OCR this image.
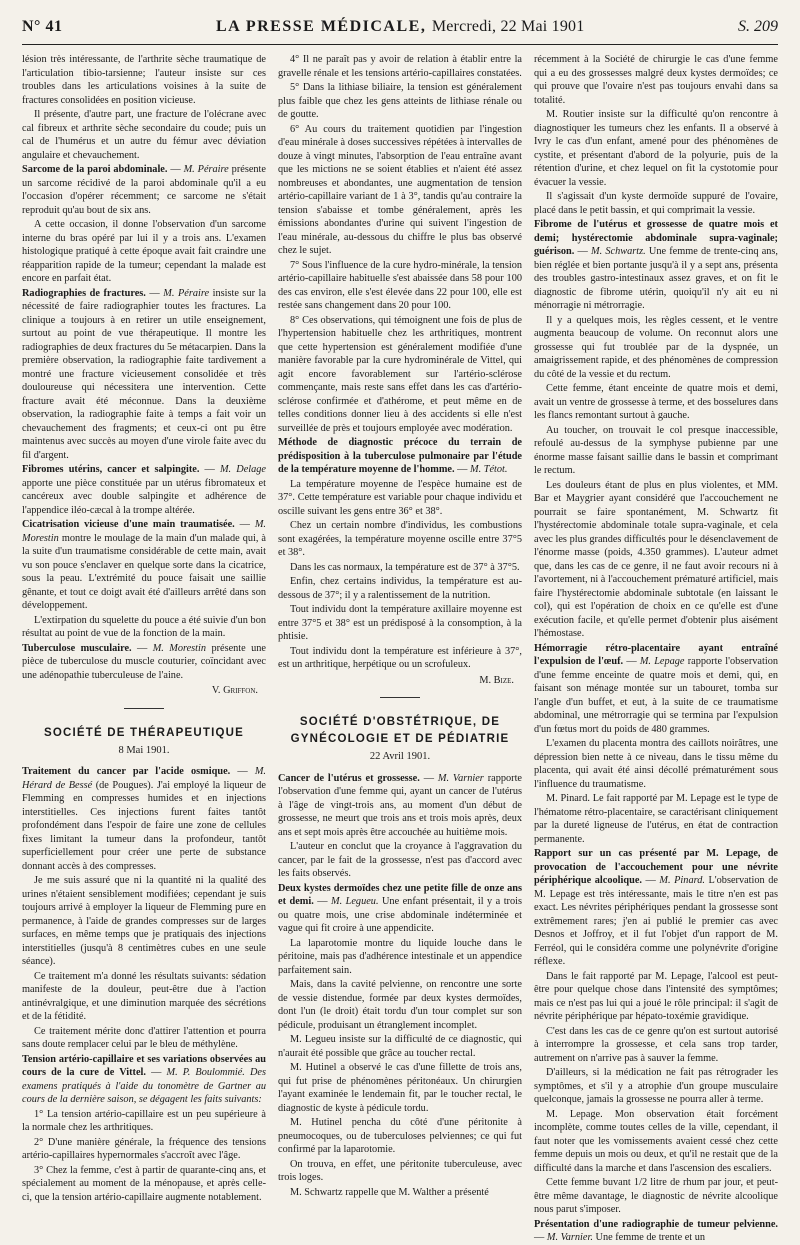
N° 41	LA PRESSE MÉDICALE, Mercredi, 22 Mai 1901	S. 209

lésion très intéressante, de l'arthrite sèche traumatique de l'articulation tibio-tarsienne; l'auteur insiste sur ces troubles dans les articulations voisines à la suite de fractures consolidées en position vicieuse.

Il présente, d'autre part, une fracture de l'olécrane avec cal fibreux et arthrite sèche secondaire du coude; puis un cal de l'humérus et un autre du fémur avec déviation angulaire et chevauchement.

Sarcome de la paroi abdominale. — M. Péraire présente un sarcome récidivé de la paroi abdominale qu'il a eu l'occasion d'opérer récemment; ce sarcome ne s'était reproduit qu'au bout de six ans.

A cette occasion, il donne l'observation d'un sarcome interne du bras opéré par lui il y a trois ans. L'examen histologique pratiqué à cette époque avait fait craindre une réapparition rapide de la tumeur; cependant la malade est encore en parfait état.

Radiographies de fractures. — M. Péraire insiste sur la nécessité de faire radiographier toutes les fractures. La clinique a toujours à en retirer un utile enseignement, surtout au point de vue thérapeutique. Il montre les radiographies de deux fractures du 5e métacarpien. Dans la première observation, la radiographie faite tardivement a montré une fracture vicieusement consolidée et très douloureuse qui nécessitera une intervention. Cette fracture avait été méconnue. Dans la deuxième observation, la radiographie faite à temps a fait voir un chevauchement des fragments; et ceux-ci ont pu être maintenus avec succès au moyen d'une virole faite avec du fil d'argent.

Fibromes utérins, cancer et salpingite. — M. Delage apporte une pièce constituée par un utérus fibromateux et cancéreux avec double salpingite et adhérence de l'appendice iléo-cæcal à la trompe altérée.

Cicatrisation vicieuse d'une main traumatisée. — M. Morestin montre le moulage de la main d'un malade qui, à la suite d'un traumatisme considérable de cette main, avait vu son pouce s'enclaver en quelque sorte dans la cicatrice, sous la peau. L'extrémité du pouce faisait une saillie gênante, et tout ce doigt avait été d'ailleurs arrêté dans son développement.

L'extirpation du squelette du pouce a été suivie d'un bon résultat au point de vue de la fonction de la main.

Tuberculose musculaire. — M. Morestin présente une pièce de tuberculose du muscle couturier, coïncidant avec une adénopathie tuberculeuse de l'aine.

V. Griffon.
SOCIÉTÉ DE THÉRAPEUTIQUE
8 Mai 1901.

Traitement du cancer par l'acide osmique. — M. Hérard de Bessé (de Pougues). J'ai employé la liqueur de Flemming en compresses humides et en injections interstitielles. Ces injections furent faites tantôt profondément dans l'espoir de faire une zone de cellules fixes limitant la tumeur dans la profondeur, tantôt superficiellement pour créer une perte de substance donnant accès à des compresses.

Je me suis assuré que ni la quantité ni la qualité des urines n'étaient sensiblement modifiées; cependant je suis toujours arrivé à employer la liqueur de Flemming pure en permanence, à l'aide de grandes compresses sur de larges surfaces, en même temps que je pratiquais des injections interstitielles (jusqu'à 8 centimètres cubes en une seule séance).

Ce traitement m'a donné les résultats suivants: sédation manifeste de la douleur, peut-être due à l'action antinévralgique, et une diminution marquée des sécrétions et de la fétidité.

Ce traitement mérite donc d'attirer l'attention et pourra sans doute remplacer celui par le bleu de méthylène.

Tension artério-capillaire et ses variations observées au cours de la cure de Vittel. — M. P. Boulommié. Des examens pratiqués à l'aide du tonomètre de Gartner au cours de la dernière saison, se dégagent les faits suivants:

1° La tension artério-capillaire est un peu supérieure à la normale chez les arthritiques.

2° D'une manière générale, la fréquence des tensions artério-capillaires hypernormales s'accroît avec l'âge.

3° Chez la femme, c'est à partir de quarante-cinq ans, et spécialement au moment de la ménopause, et après celle-ci, que la tension artério-capillaire augmente notablement.

4° Il ne paraît pas y avoir de relation à établir entre la gravelle rénale et les tensions artério-capillaires constatées.

5° Dans la lithiase biliaire, la tension est généralement plus faible que chez les gens atteints de lithiase rénale ou de goutte.

6° Au cours du traitement quotidien par l'ingestion d'eau minérale à doses successives répétées à intervalles de douze à vingt minutes, l'absorption de l'eau entraîne avant que les mictions ne se soient établies et n'aient été assez nombreuses et abondantes, une augmentation de tension artério-capillaire variant de 1 à 3°, tandis qu'au contraire la tension s'abaisse et tombe généralement, après les émissions abondantes d'urine qui suivent l'ingestion de l'eau minérale, au-dessous du chiffre le plus bas observé chez le sujet.

7° Sous l'influence de la cure hydro-minérale, la tension artério-capillaire habituelle s'est abaissée dans 58 pour 100 des cas environ, elle s'est élevée dans 22 pour 100, elle est restée sans changement dans 20 pour 100.

8° Ces observations, qui témoignent une fois de plus de l'hypertension habituelle chez les arthritiques, montrent que cette hypertension est généralement modifiée d'une manière favorable par la cure hydrominérale de Vittel, qui agit encore favorablement sur l'artério-sclérose commençante, mais reste sans effet dans les cas d'artério-sclérose confirmée et d'athérome, et peut même en de telles conditions donner lieu à des accidents si elle n'est surveillée de près et toujours employée avec modération.

Méthode de diagnostic précoce du terrain de prédisposition à la tuberculose pulmonaire par l'étude de la température moyenne de l'homme. — M. Tétot.

La température moyenne de l'espèce humaine est de 37°. Cette température est variable pour chaque individu et oscille suivant les gens entre 36° et 38°.

Chez un certain nombre d'individus, les combustions sont exagérées, la température moyenne oscille entre 37°5 et 38°.

Dans les cas normaux, la température est de 37° à 37°5.

Enfin, chez certains individus, la température est au-dessous de 37°; il y a ralentissement de la nutrition.

Tout individu dont la température axillaire moyenne est entre 37°5 et 38° est un prédisposé à la consomption, à la phtisie.

Tout individu dont la température est inférieure à 37°, est un arthritique, herpétique ou un scrofuleux.

M. Bize.
SOCIÉTÉ D'OBSTÉTRIQUE, DE GYNÉCOLOGIE ET DE PÉDIATRIE
22 Avril 1901.

Cancer de l'utérus et grossesse. — M. Varnier rapporte l'observation d'une femme qui, ayant un cancer de l'utérus à l'âge de vingt-trois ans, au moment d'un début de grossesse, ne meurt que trois ans et trois mois après, deux ans et sept mois après être accouchée au huitième mois.

L'auteur en conclut que la croyance à l'aggravation du cancer, par le fait de la grossesse, n'est pas d'accord avec les faits observés.

Deux kystes dermoïdes chez une petite fille de onze ans et demi. — M. Legueu. Une enfant présentait, il y a trois ou quatre mois, une crise abdominale indéterminée et vague qui fit croire à une appendicite.

La laparotomie montre du liquide louche dans le péritoine, mais pas d'adhérence intestinale et un appendice parfaitement sain.

Mais, dans la cavité pelvienne, on rencontre une sorte de vessie distendue, formée par deux kystes dermoïdes, dont l'un (le droit) était tordu d'un tour complet sur son pédicule, produisant un étranglement incomplet.

M. Legueu insiste sur la difficulté de ce diagnostic, qui n'aurait été possible que grâce au toucher rectal.

M. Hutinel a observé le cas d'une fillette de trois ans, qui fut prise de phénomènes péritonéaux. Un chirurgien l'ayant examinée le lendemain fit, par le toucher rectal, le diagnostic de kyste à pédicule tordu.

M. Hutinel pencha du côté d'une péritonite à pneumocoques, ou de tuberculoses pelviennes; ce qui fut confirmé par la laparotomie.

On trouva, en effet, une péritonite tuberculeuse, avec trois loges.

M. Schwartz rappelle que M. Walther a présenté

récemment à la Société de chirurgie le cas d'une femme qui a eu des grossesses malgré deux kystes dermoïdes; ce qui prouve que l'ovaire n'est pas toujours envahi dans sa totalité.

M. Routier insiste sur la difficulté qu'on rencontre à diagnostiquer les tumeurs chez les enfants. Il a observé à Ivry le cas d'un enfant, amené pour des phénomènes de cystite, et présentant d'abord de la polyurie, puis de la rétention d'urine, et chez lequel on fit la cystotomie pour évacuer la vessie.

Il s'agissait d'un kyste dermoïde suppuré de l'ovaire, placé dans le petit bassin, et qui comprimait la vessie.

Fibrome de l'utérus et grossesse de quatre mois et demi; hystérectomie abdominale supra-vaginale; guérison. — M. Schwartz. Une femme de trente-cinq ans, bien réglée et bien portante jusqu'à il y a sept ans, présenta des troubles gastro-intestinaux assez graves, et on fit le diagnostic de fibrome utérin, quoiqu'il n'y ait eu ni ménorragie ni métrorragie.

Il y a quelques mois, les règles cessent, et le ventre augmenta beaucoup de volume. On reconnut alors une grossesse qui fut troublée par de la dyspnée, un amaigrissement rapide, et des phénomènes de compression du côté de la vessie et du rectum.

Cette femme, étant enceinte de quatre mois et demi, avait un ventre de grossesse à terme, et des bosselures dans les flancs remontant surtout à gauche.

Au toucher, on trouvait le col presque inaccessible, refoulé au-dessus de la symphyse pubienne par une énorme masse faisant saillie dans le bassin et comprimant le rectum.

Les douleurs étant de plus en plus violentes, et MM. Bar et Maygrier ayant considéré que l'accouchement ne pourrait se faire spontanément, M. Schwartz fit l'hystérectomie abdominale totale supra-vaginale, et cela avec les plus grandes difficultés pour le désenclavement de l'énorme masse (poids, 4.350 grammes). L'auteur admet que, dans les cas de ce genre, il ne faut avoir recours ni à l'avortement, ni à l'accouchement prématuré artificiel, mais faire l'hystérectomie abdominale subtotale (en laissant le col), qui est l'opération de choix en ce qu'elle est d'une exécution facile, et qu'elle permet d'obtenir plus aisément l'hémostase.

Hémorragie rétro-placentaire ayant entraîné l'expulsion de l'œuf. — M. Lepage rapporte l'observation d'une femme enceinte de quatre mois et demi, qui, en faisant son ménage montée sur un tabouret, tomba sur l'angle d'un buffet, et eut, à la suite de ce traumatisme abdominal, une métrorragie qui se termina par l'expulsion d'un fœtus mort du poids de 480 grammes.

L'examen du placenta montra des caillots noirâtres, une dépression bien nette à ce niveau, dans le tissu même du placenta, qui avait été ainsi décollé prématurément sous l'influence du traumatisme.

M. Pinard. Le fait rapporté par M. Lepage est le type de l'hématome rétro-placentaire, se caractérisant cliniquement par la dureté ligneuse de l'utérus, en état de contraction permanente.

Rapport sur un cas présenté par M. Lepage, de provocation de l'accouchement pour une névrite périphérique alcoolique. — M. Pinard. L'observation de M. Lepage est très intéressante, mais le titre n'en est pas exact. Les névrites périphériques pendant la grossesse sont extrêmement rares; j'en ai publié le premier cas avec Desnos et Joffroy, et il fut l'objet d'un rapport de M. Ferréol, qui le considéra comme une polynévrite d'origine réflexe.

Dans le fait rapporté par M. Lepage, l'alcool est peut-être pour quelque chose dans l'intensité des symptômes; mais ce n'est pas lui qui a joué le rôle principal: il s'agit de névrite périphérique par hépato-toxémie gravidique.

C'est dans les cas de ce genre qu'on est surtout autorisé à interrompre la grossesse, et cela sans trop tarder, autrement on n'arrive pas à sauver la femme.

D'ailleurs, si la médication ne fait pas rétrograder les symptômes, et s'il y a atrophie d'un groupe musculaire quelconque, jamais la grossesse ne pourra aller à terme.

M. Lepage. Mon observation était forcément incomplète, comme toutes celles de la ville, cependant, il faut noter que les vomissements avaient cessé chez cette femme depuis un mois ou deux, et qu'il ne restait que de la difficulté dans la marche et dans l'ascension des escaliers.

Cette femme buvant 1/2 litre de rhum par jour, et peut-être même davantage, le diagnostic de névrite alcoolique nous parut s'imposer.

Présentation d'une radiographie de tumeur pelvienne. — M. Varnier. Une femme de trente et un
